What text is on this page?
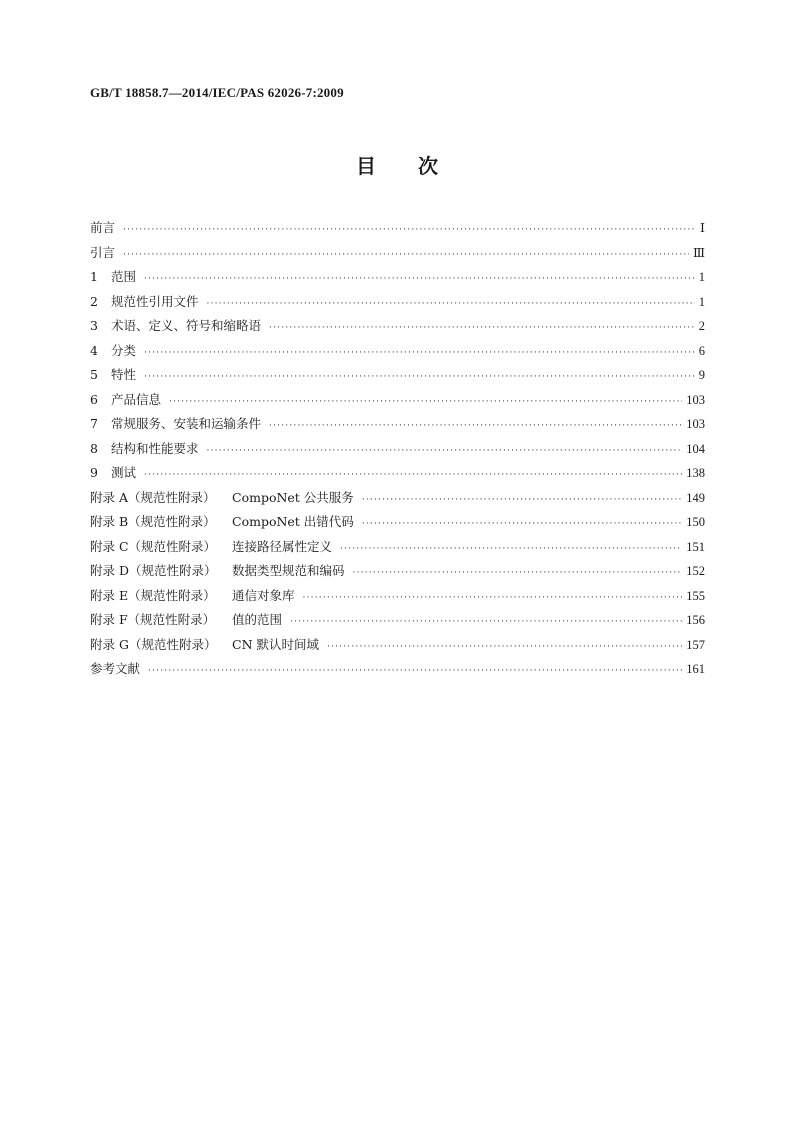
GB/T 18858.7—2014/IEC/PAS 62026-7:2009
目次
前言 ·····	Ⅰ
引言 ·····	Ⅲ
1	范围 ·····	1
2	规范性引用文件 ·····	1
3	术语、定义、符号和缩略语 ·····	2
4	分类 ·····	6
5	特性 ·····	9
6	产品信息 ·····	103
7	常规服务、安装和运输条件 ·····	103
8	结构和性能要求 ·····	104
9	测试 ·····	138
附录 A（规范性附录）	CompoNet 公共服务 ·····	149
附录 B（规范性附录）	CompoNet 出错代码 ·····	150
附录 C（规范性附录）	连接路径属性定义 ·····	151
附录 D（规范性附录）	数据类型规范和编码 ·····	152
附录 E（规范性附录）	通信对象库 ·····	155
附录 F（规范性附录）	值的范围 ·····	156
附录 G（规范性附录）	CN 默认时间域 ·····	157
参考文献 ·····	161
